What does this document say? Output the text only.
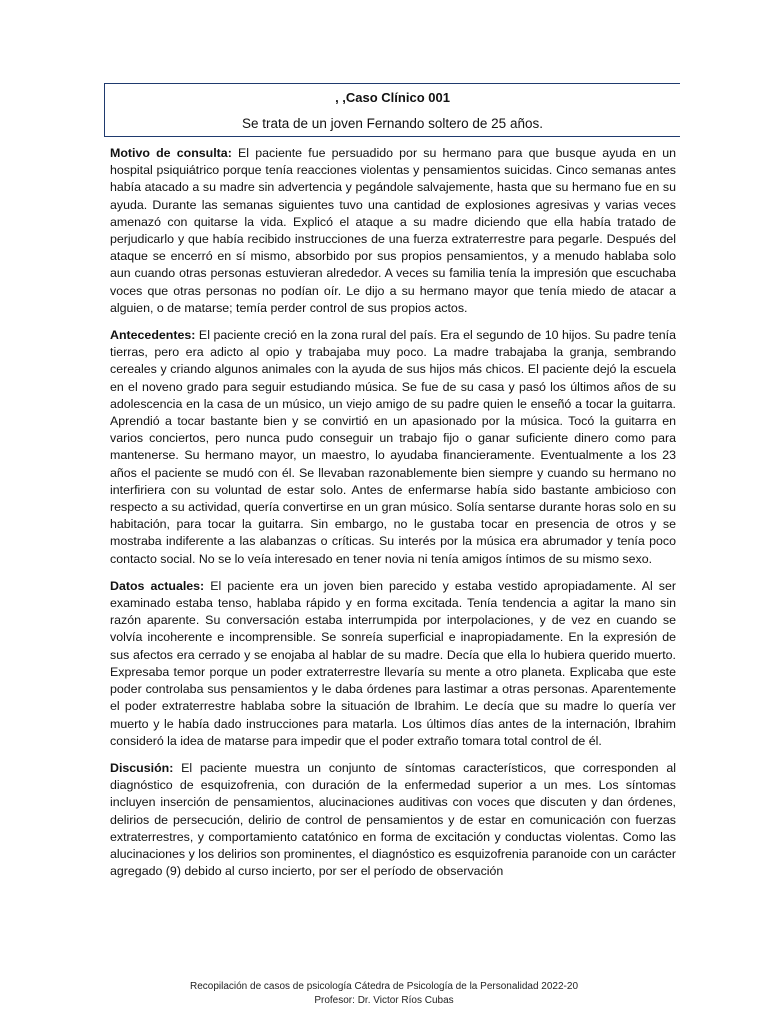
, ,Caso Clínico 001
Se trata de un joven Fernando soltero de 25 años.

Motivo de consulta: El paciente fue persuadido por su hermano para que busque ayuda en un hospital psiquiátrico porque tenía reacciones violentas y pensamientos suicidas. Cinco semanas antes había atacado a su madre sin advertencia y pegándole salvajemente, hasta que su hermano fue en su ayuda. Durante las semanas siguientes tuvo una cantidad de explosiones agresivas y varias veces amenazó con quitarse la vida. Explicó el ataque a su madre diciendo que ella había tratado de perjudicarlo y que había recibido instrucciones de una fuerza extraterrestre para pegarle. Después del ataque se encerró en sí mismo, absorbido por sus propios pensamientos, y a menudo hablaba solo aun cuando otras personas estuvieran alrededor. A veces su familia tenía la impresión que escuchaba voces que otras personas no podían oír. Le dijo a su hermano mayor que tenía miedo de atacar a alguien, o de matarse; temía perder control de sus propios actos.

Antecedentes: El paciente creció en la zona rural del país. Era el segundo de 10 hijos. Su padre tenía tierras, pero era adicto al opio y trabajaba muy poco. La madre trabajaba la granja, sembrando cereales y criando algunos animales con la ayuda de sus hijos más chicos. El paciente dejó la escuela en el noveno grado para seguir estudiando música. Se fue de su casa y pasó los últimos años de su adolescencia en la casa de un músico, un viejo amigo de su padre quien le enseñó a tocar la guitarra. Aprendió a tocar bastante bien y se convirtió en un apasionado por la música. Tocó la guitarra en varios conciertos, pero nunca pudo conseguir un trabajo fijo o ganar suficiente dinero como para mantenerse. Su hermano mayor, un maestro, lo ayudaba financieramente. Eventualmente a los 23 años el paciente se mudó con él. Se llevaban razonablemente bien siempre y cuando su hermano no interfiriera con su voluntad de estar solo. Antes de enfermarse había sido bastante ambicioso con respecto a su actividad, quería convertirse en un gran músico. Solía sentarse durante horas solo en su habitación, para tocar la guitarra. Sin embargo, no le gustaba tocar en presencia de otros y se mostraba indiferente a las alabanzas o críticas. Su interés por la música era abrumador y tenía poco contacto social. No se lo veía interesado en tener novia ni tenía amigos íntimos de su mismo sexo.

Datos actuales: El paciente era un joven bien parecido y estaba vestido apropiadamente. Al ser examinado estaba tenso, hablaba rápido y en forma excitada. Tenía tendencia a agitar la mano sin razón aparente. Su conversación estaba interrumpida por interpolaciones, y de vez en cuando se volvía incoherente e incomprensible. Se sonreía superficial e inapropiadamente. En la expresión de sus afectos era cerrado y se enojaba al hablar de su madre. Decía que ella lo hubiera querido muerto. Expresaba temor porque un poder extraterrestre llevaría su mente a otro planeta. Explicaba que este poder controlaba sus pensamientos y le daba órdenes para lastimar a otras personas. Aparentemente el poder extraterrestre hablaba sobre la situación de Ibrahim. Le decía que su madre lo quería ver muerto y le había dado instrucciones para matarla. Los últimos días antes de la internación, Ibrahim consideró la idea de matarse para impedir que el poder extraño tomara total control de él.

Discusión: El paciente muestra un conjunto de síntomas característicos, que corresponden al diagnóstico de esquizofrenia, con duración de la enfermedad superior a un mes. Los síntomas incluyen inserción de pensamientos, alucinaciones auditivas con voces que discuten y dan órdenes, delirios de persecución, delirio de control de pensamientos y de estar en comunicación con fuerzas extraterrestres, y comportamiento catatónico en forma de excitación y conductas violentas. Como las alucinaciones y los delirios son prominentes, el diagnóstico es esquizofrenia paranoide con un carácter agregado (9) debido al curso incierto, por ser el período de observación

Recopilación de casos de psicología Cátedra de Psicología de la Personalidad 2022-20
Profesor: Dr. Victor Ríos Cubas
